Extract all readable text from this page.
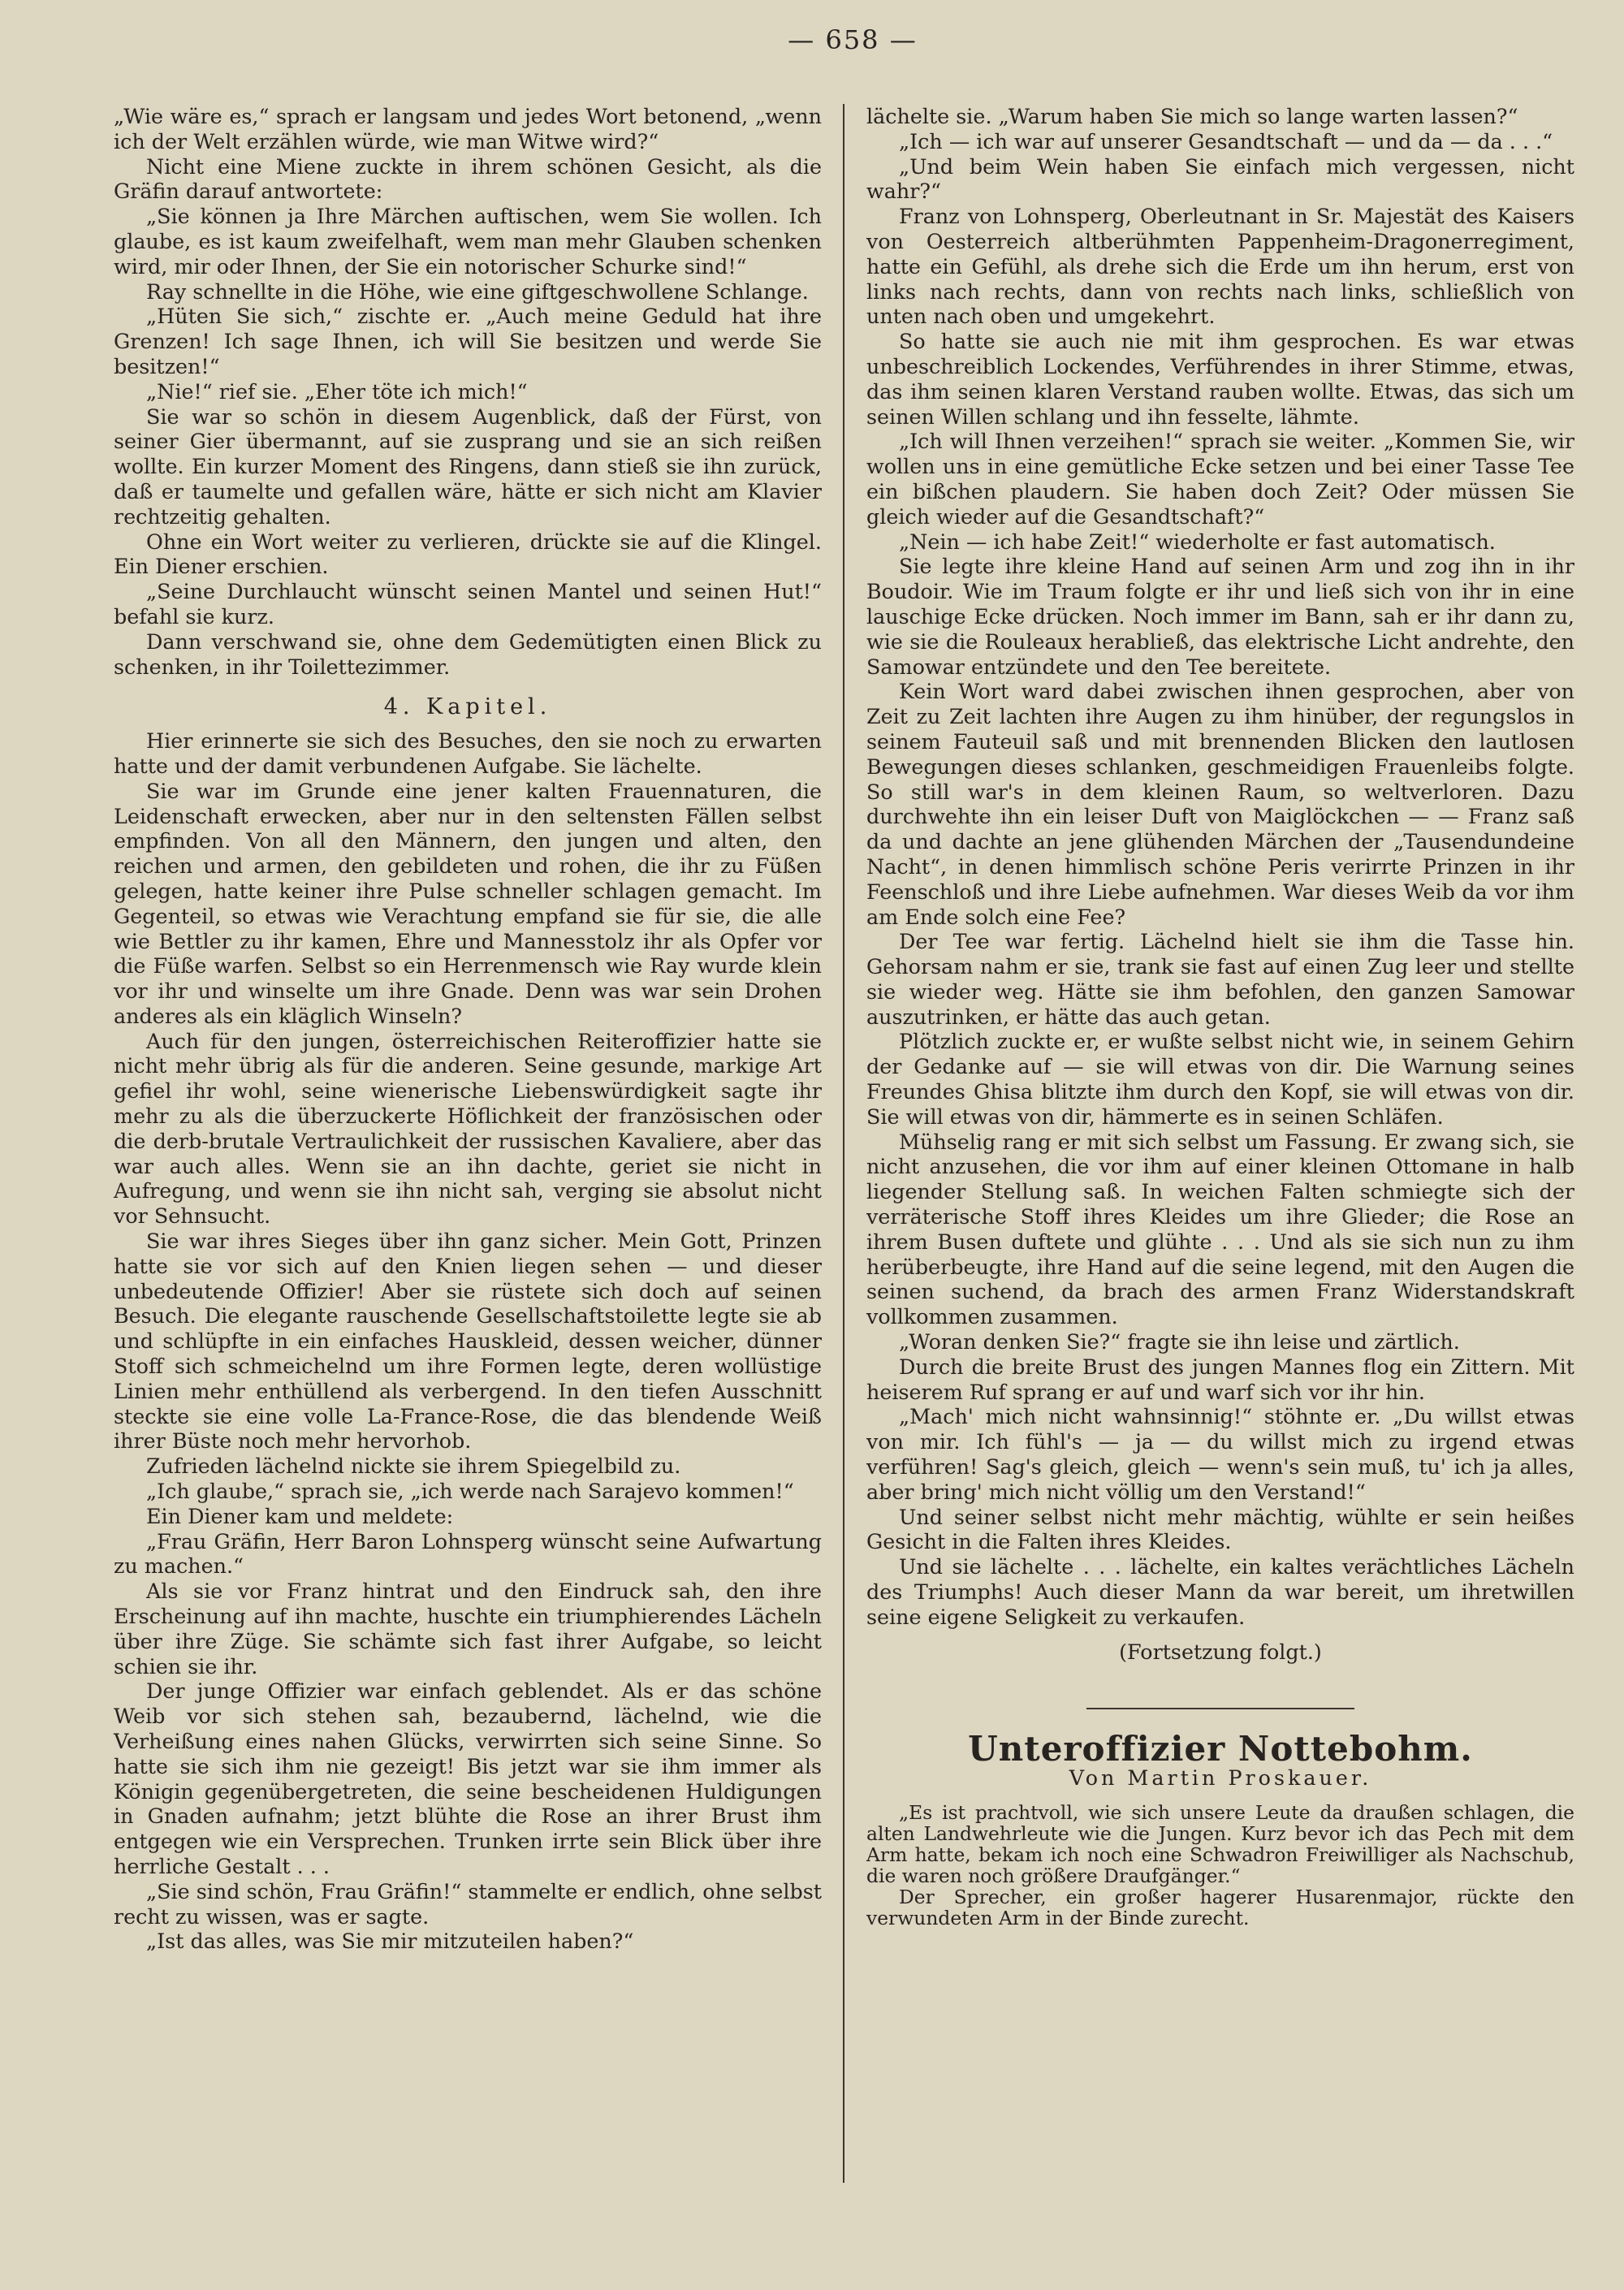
— 658 —

„Wie wäre es,“ sprach er langsam und jedes Wort betonend, „wenn ich der Welt erzählen würde, wie man Witwe wird?“

Nicht eine Miene zuckte in ihrem schönen Gesicht, als die Gräfin darauf antwortete:

„Sie können ja Ihre Märchen auftischen, wem Sie wollen. Ich glaube, es ist kaum zweifelhaft, wem man mehr Glauben schenken wird, mir oder Ihnen, der Sie ein notorischer Schurke sind!“

Ray schnellte in die Höhe, wie eine giftgeschwollene Schlange.

„Hüten Sie sich,“ zischte er. „Auch meine Geduld hat ihre Grenzen! Ich sage Ihnen, ich will Sie besitzen und werde Sie besitzen!“

„Nie!“ rief sie. „Eher töte ich mich!“

Sie war so schön in diesem Augenblick, daß der Fürst, von seiner Gier übermannt, auf sie zusprang und sie an sich reißen wollte. Ein kurzer Moment des Ringens, dann stieß sie ihn zurück, daß er taumelte und gefallen wäre, hätte er sich nicht am Klavier rechtzeitig gehalten.

Ohne ein Wort weiter zu verlieren, drückte sie auf die Klingel. Ein Diener erschien.

„Seine Durchlaucht wünscht seinen Mantel und seinen Hut!“ befahl sie kurz.

Dann verschwand sie, ohne dem Gedemütigten einen Blick zu schenken, in ihr Toilettezimmer.

4. Kapitel.

Hier erinnerte sie sich des Besuches, den sie noch zu erwarten hatte und der damit verbundenen Aufgabe. Sie lächelte.

Sie war im Grunde eine jener kalten Frauennaturen, die Leidenschaft erwecken, aber nur in den seltensten Fällen selbst empfinden. Von all den Männern, den jungen und alten, den reichen und armen, den gebildeten und rohen, die ihr zu Füßen gelegen, hatte keiner ihre Pulse schneller schlagen gemacht. Im Gegenteil, so etwas wie Verachtung empfand sie für sie, die alle wie Bettler zu ihr kamen, Ehre und Mannesstolz ihr als Opfer vor die Füße warfen. Selbst so ein Herrenmensch wie Ray wurde klein vor ihr und winselte um ihre Gnade. Denn was war sein Drohen anderes als ein kläglich Winseln?

Auch für den jungen, österreichischen Reiteroffizier hatte sie nicht mehr übrig als für die anderen. Seine gesunde, markige Art gefiel ihr wohl, seine wienerische Liebenswürdigkeit sagte ihr mehr zu als die überzuckerte Höflichkeit der französischen oder die derb-brutale Vertraulichkeit der russischen Kavaliere, aber das war auch alles. Wenn sie an ihn dachte, geriet sie nicht in Aufregung, und wenn sie ihn nicht sah, verging sie absolut nicht vor Sehnsucht.

Sie war ihres Sieges über ihn ganz sicher. Mein Gott, Prinzen hatte sie vor sich auf den Knien liegen sehen — und dieser unbedeutende Offizier! Aber sie rüstete sich doch auf seinen Besuch. Die elegante rauschende Gesellschaftstoilette legte sie ab und schlüpfte in ein einfaches Hauskleid, dessen weicher, dünner Stoff sich schmeichelnd um ihre Formen legte, deren wollüstige Linien mehr enthüllend als verbergend. In den tiefen Ausschnitt steckte sie eine volle La-France-Rose, die das blendende Weiß ihrer Büste noch mehr hervorhob.

Zufrieden lächelnd nickte sie ihrem Spiegelbild zu.

„Ich glaube,“ sprach sie, „ich werde nach Sarajevo kommen!“

Ein Diener kam und meldete:

„Frau Gräfin, Herr Baron Lohnsperg wünscht seine Aufwartung zu machen.“

Als sie vor Franz hintrat und den Eindruck sah, den ihre Erscheinung auf ihn machte, huschte ein triumphierendes Lächeln über ihre Züge. Sie schämte sich fast ihrer Aufgabe, so leicht schien sie ihr.

Der junge Offizier war einfach geblendet. Als er das schöne Weib vor sich stehen sah, bezaubernd, lächelnd, wie die Verheißung eines nahen Glücks, verwirrten sich seine Sinne. So hatte sie sich ihm nie gezeigt! Bis jetzt war sie ihm immer als Königin gegenübergetreten, die seine bescheidenen Huldigungen in Gnaden aufnahm; jetzt blühte die Rose an ihrer Brust ihm entgegen wie ein Versprechen. Trunken irrte sein Blick über ihre herrliche Gestalt . . .

„Sie sind schön, Frau Gräfin!“ stammelte er endlich, ohne selbst recht zu wissen, was er sagte.

„Ist das alles, was Sie mir mitzuteilen haben?“

lächelte sie. „Warum haben Sie mich so lange warten lassen?“

„Ich — ich war auf unserer Gesandtschaft — und da — da . . .“

„Und beim Wein haben Sie einfach mich vergessen, nicht wahr?“

Franz von Lohnsperg, Oberleutnant in Sr. Majestät des Kaisers von Oesterreich altberühmten Pappenheim-Dragonerregiment, hatte ein Gefühl, als drehe sich die Erde um ihn herum, erst von links nach rechts, dann von rechts nach links, schließlich von unten nach oben und umgekehrt.

So hatte sie auch nie mit ihm gesprochen. Es war etwas unbeschreiblich Lockendes, Verführendes in ihrer Stimme, etwas, das ihm seinen klaren Verstand rauben wollte. Etwas, das sich um seinen Willen schlang und ihn fesselte, lähmte.

„Ich will Ihnen verzeihen!“ sprach sie weiter. „Kommen Sie, wir wollen uns in eine gemütliche Ecke setzen und bei einer Tasse Tee ein bißchen plaudern. Sie haben doch Zeit? Oder müssen Sie gleich wieder auf die Gesandtschaft?“

„Nein — ich habe Zeit!“ wiederholte er fast automatisch.

Sie legte ihre kleine Hand auf seinen Arm und zog ihn in ihr Boudoir. Wie im Traum folgte er ihr und ließ sich von ihr in eine lauschige Ecke drücken. Noch immer im Bann, sah er ihr dann zu, wie sie die Rouleaux herabließ, das elektrische Licht andrehte, den Samowar entzündete und den Tee bereitete.

Kein Wort ward dabei zwischen ihnen gesprochen, aber von Zeit zu Zeit lachten ihre Augen zu ihm hinüber, der regungslos in seinem Fauteuil saß und mit brennenden Blicken den lautlosen Bewegungen dieses schlanken, geschmeidigen Frauenleibs folgte. So still war's in dem kleinen Raum, so weltverloren. Dazu durchwehte ihn ein leiser Duft von Maiglöckchen — — Franz saß da und dachte an jene glühenden Märchen der „Tausendundeine Nacht“, in denen himmlisch schöne Peris verirrte Prinzen in ihr Feenschloß und ihre Liebe aufnehmen. War dieses Weib da vor ihm am Ende solch eine Fee?

Der Tee war fertig. Lächelnd hielt sie ihm die Tasse hin. Gehorsam nahm er sie, trank sie fast auf einen Zug leer und stellte sie wieder weg. Hätte sie ihm befohlen, den ganzen Samowar auszutrinken, er hätte das auch getan.

Plötzlich zuckte er, er wußte selbst nicht wie, in seinem Gehirn der Gedanke auf — sie will etwas von dir. Die Warnung seines Freundes Ghisa blitzte ihm durch den Kopf, sie will etwas von dir. Sie will etwas von dir, hämmerte es in seinen Schläfen.

Mühselig rang er mit sich selbst um Fassung. Er zwang sich, sie nicht anzusehen, die vor ihm auf einer kleinen Ottomane in halb liegender Stellung saß. In weichen Falten schmiegte sich der verräterische Stoff ihres Kleides um ihre Glieder; die Rose an ihrem Busen duftete und glühte . . . Und als sie sich nun zu ihm herüberbeugte, ihre Hand auf die seine legend, mit den Augen die seinen suchend, da brach des armen Franz Widerstandskraft vollkommen zusammen.

„Woran denken Sie?“ fragte sie ihn leise und zärtlich.

Durch die breite Brust des jungen Mannes flog ein Zittern. Mit heiserem Ruf sprang er auf und warf sich vor ihr hin.

„Mach' mich nicht wahnsinnig!“ stöhnte er. „Du willst etwas von mir. Ich fühl's — ja — du willst mich zu irgend etwas verführen! Sag's gleich, gleich — wenn's sein muß, tu' ich ja alles, aber bring' mich nicht völlig um den Verstand!“

Und seiner selbst nicht mehr mächtig, wühlte er sein heißes Gesicht in die Falten ihres Kleides.

Und sie lächelte . . . lächelte, ein kaltes verächtliches Lächeln des Triumphs! Auch dieser Mann da war bereit, um ihretwillen seine eigene Seligkeit zu verkaufen.

(Fortsetzung folgt.)
Unteroffizier Nottebohm.
Von Martin Proskauer.

„Es ist prachtvoll, wie sich unsere Leute da draußen schlagen, die alten Landwehrleute wie die Jungen. Kurz bevor ich das Pech mit dem Arm hatte, bekam ich noch eine Schwadron Freiwilliger als Nachschub, die waren noch größere Draufgänger.“

Der Sprecher, ein großer hagerer Husarenmajor, rückte den verwundeten Arm in der Binde zurecht.
